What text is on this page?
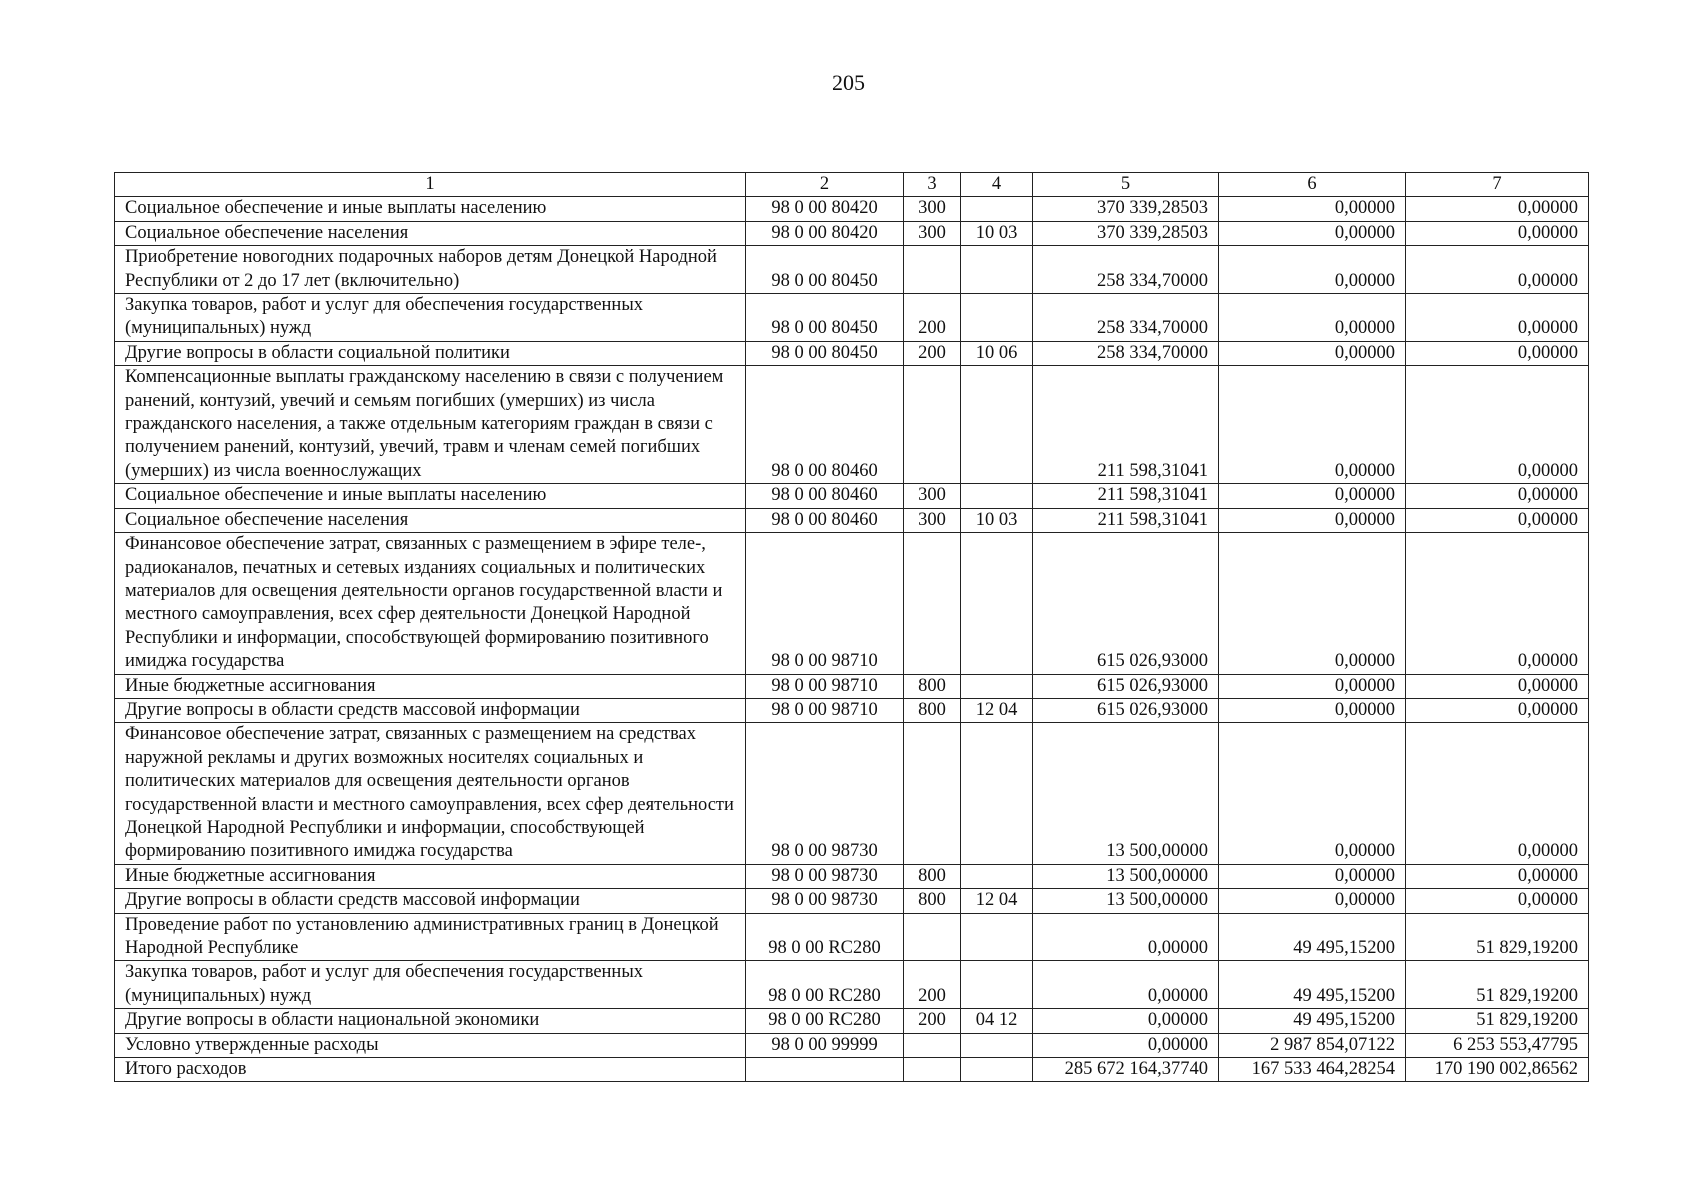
205
1	2	3	4	5	6	7
Социальное обеспечение и иные выплаты населению	98 0 00 80420	300		370 339,28503	0,00000	0,00000
Социальное обеспечение населения	98 0 00 80420	300	10 03	370 339,28503	0,00000	0,00000
Приобретение новогодних подарочных наборов детям Донецкой Народной Республики от 2 до 17 лет (включительно)	98 0 00 80450			258 334,70000	0,00000	0,00000
Закупка товаров, работ и услуг для обеспечения государственных (муниципальных) нужд	98 0 00 80450	200		258 334,70000	0,00000	0,00000
Другие вопросы в области социальной политики	98 0 00 80450	200	10 06	258 334,70000	0,00000	0,00000
Компенсационные выплаты гражданскому населению в связи с получением ранений, контузий, увечий и семьям погибших (умерших) из числа гражданского населения, а также отдельным категориям граждан в связи с получением ранений, контузий, увечий, травм и членам семей погибших (умерших) из числа военнослужащих	98 0 00 80460			211 598,31041	0,00000	0,00000
Социальное обеспечение и иные выплаты населению	98 0 00 80460	300		211 598,31041	0,00000	0,00000
Социальное обеспечение населения	98 0 00 80460	300	10 03	211 598,31041	0,00000	0,00000
Финансовое обеспечение затрат, связанных с размещением в эфире теле-, радиоканалов, печатных и сетевых изданиях социальных и политических материалов для освещения деятельности органов государственной власти и местного самоуправления, всех сфер деятельности Донецкой Народной Республики и информации, способствующей формированию позитивного имиджа государства	98 0 00 98710			615 026,93000	0,00000	0,00000
Иные бюджетные ассигнования	98 0 00 98710	800		615 026,93000	0,00000	0,00000
Другие вопросы в области средств массовой информации	98 0 00 98710	800	12 04	615 026,93000	0,00000	0,00000
Финансовое обеспечение затрат, связанных с размещением на средствах наружной рекламы и других возможных носителях социальных и политических материалов для освещения деятельности органов государственной власти и местного самоуправления, всех сфер деятельности Донецкой Народной Республики и информации, способствующей формированию позитивного имиджа государства	98 0 00 98730			13 500,00000	0,00000	0,00000
Иные бюджетные ассигнования	98 0 00 98730	800		13 500,00000	0,00000	0,00000
Другие вопросы в области средств массовой информации	98 0 00 98730	800	12 04	13 500,00000	0,00000	0,00000
Проведение работ по установлению административных границ в Донецкой Народной Республике	98 0 00 RC280			0,00000	49 495,15200	51 829,19200
Закупка товаров, работ и услуг для обеспечения государственных (муниципальных) нужд	98 0 00 RC280	200		0,00000	49 495,15200	51 829,19200
Другие вопросы в области национальной экономики	98 0 00 RC280	200	04 12	0,00000	49 495,15200	51 829,19200
Условно утвержденные расходы	98 0 00 99999			0,00000	2 987 854,07122	6 253 553,47795
Итого расходов				285 672 164,37740	167 533 464,28254	170 190 002,86562
